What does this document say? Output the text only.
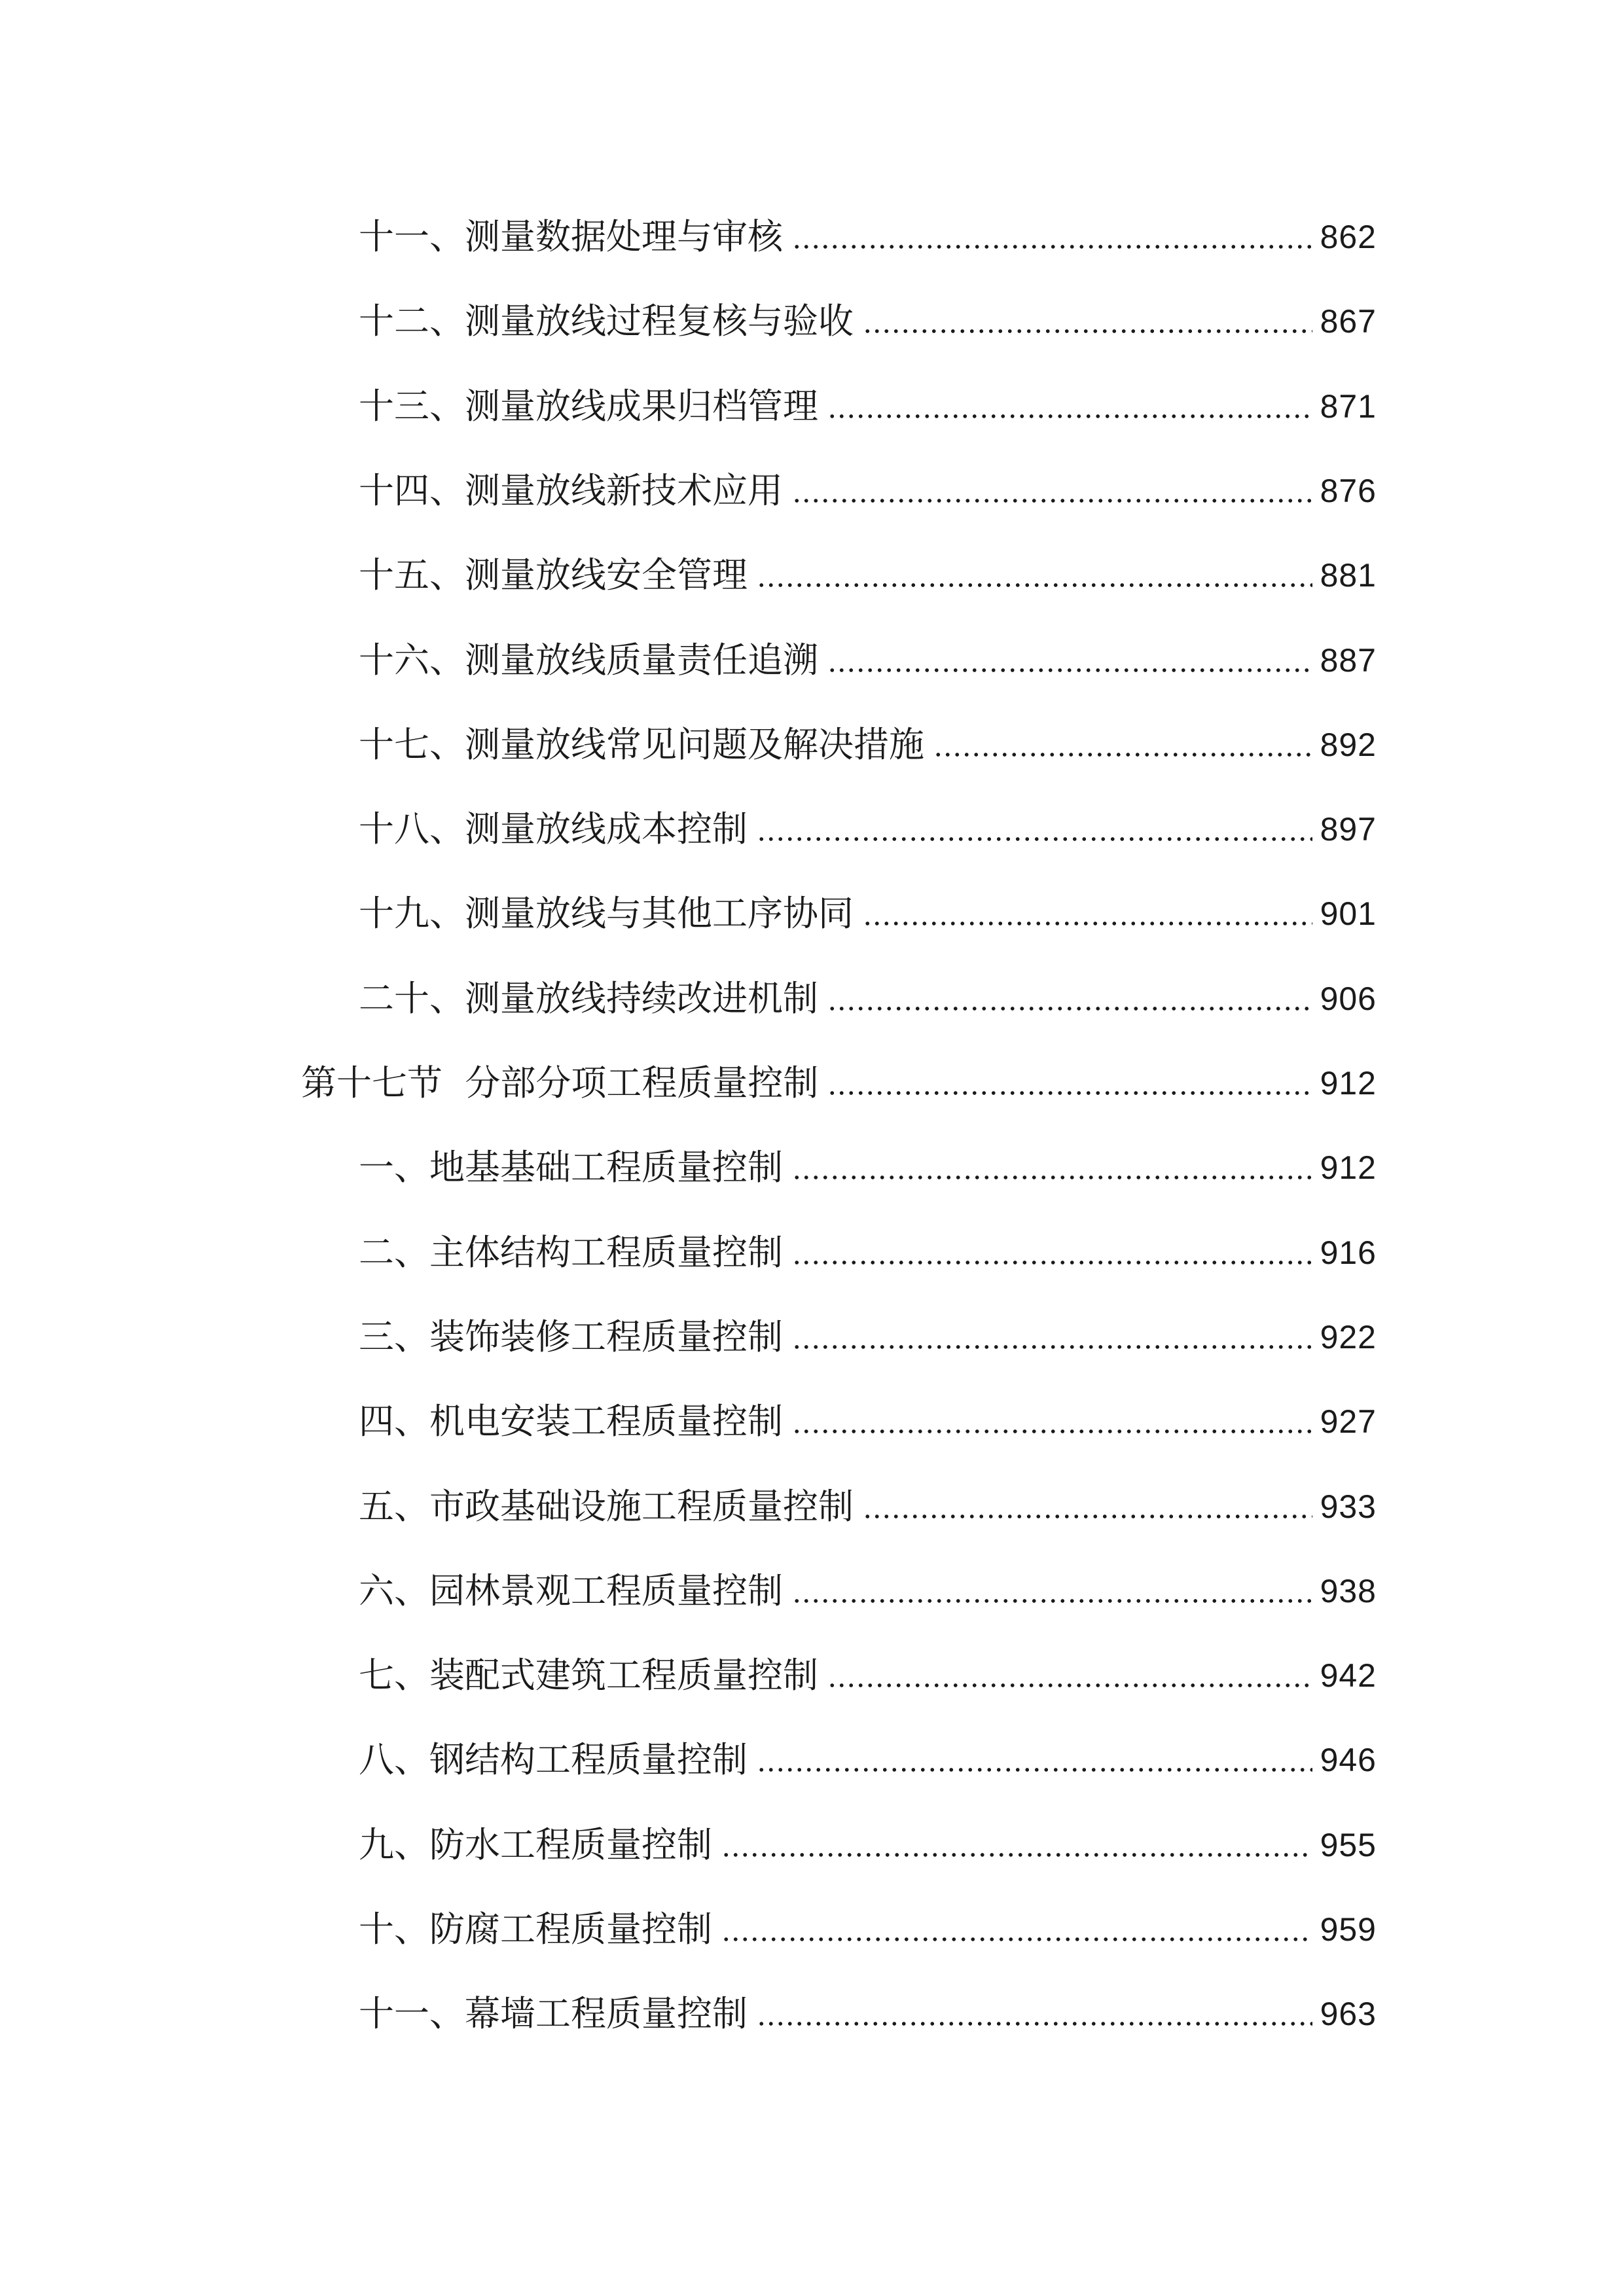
十一、测量数据处理与审核	862
十二、测量放线过程复核与验收	867
十三、测量放线成果归档管理	871
十四、测量放线新技术应用	876
十五、测量放线安全管理	881
十六、测量放线质量责任追溯	887
十七、测量放线常见问题及解决措施	892
十八、测量放线成本控制	897
十九、测量放线与其他工序协同	901
二十、测量放线持续改进机制	906
第十七节  分部分项工程质量控制	912
一、地基基础工程质量控制	912
二、主体结构工程质量控制	916
三、装饰装修工程质量控制	922
四、机电安装工程质量控制	927
五、市政基础设施工程质量控制	933
六、园林景观工程质量控制	938
七、装配式建筑工程质量控制	942
八、钢结构工程质量控制	946
九、防水工程质量控制	955
十、防腐工程质量控制	959
十一、幕墙工程质量控制	963
